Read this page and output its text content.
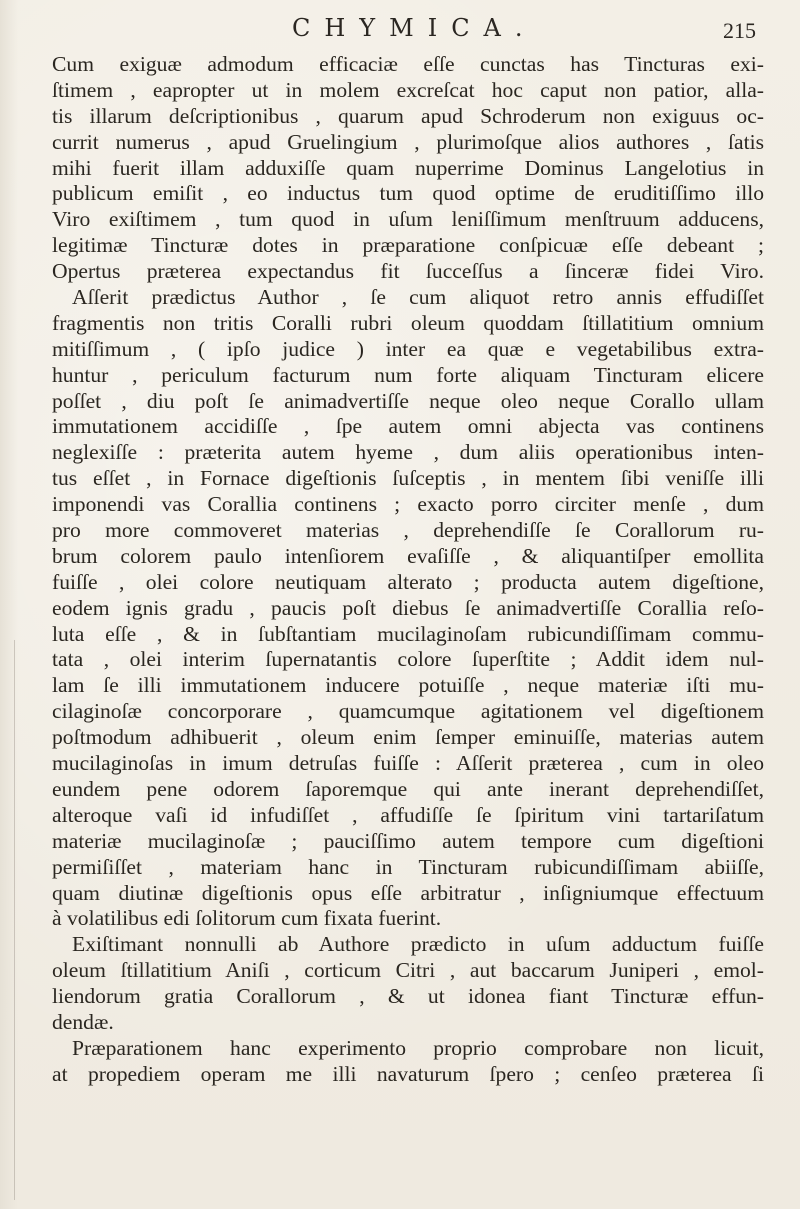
CHYMICA.	215
Cum exiguæ admodum efficaciæ eſſe cunctas has Tincturas exi-
ſtimem , eapropter ut in molem excreſcat hoc caput non patior, alla-
tis illarum deſcriptionibus , quarum apud Schroderum non exiguus oc-
currit numerus , apud Gruelingium , plurimoſque alios authores , ſatis
mihi fuerit illam adduxiſſe quam nuperrime Dominus Langelotius in
publicum emiſit , eo inductus tum quod optime de eruditiſſimo illo
Viro exiſtimem , tum quod in uſum leniſſimum menſtruum adducens,
legitimæ Tincturæ dotes in præparatione conſpicuæ eſſe debeant ;
Opertus præterea expectandus fit ſucceſſus a ſinceræ fidei Viro.
Aſſerit prædictus Author , ſe cum aliquot retro annis effudiſſet
fragmentis non tritis Coralli rubri oleum quoddam ſtillatitium omnium
mitiſſimum , ( ipſo judice ) inter ea quæ e vegetabilibus extra-
huntur , periculum facturum num forte aliquam Tincturam elicere
poſſet , diu poſt ſe animadvertiſſe neque oleo neque Corallo ullam
immutationem accidiſſe , ſpe autem omni abjecta vas continens
neglexiſſe : præterita autem hyeme , dum aliis operationibus inten-
tus eſſet , in Fornace digeſtionis ſuſceptis , in mentem ſibi veniſſe illi
imponendi vas Corallia continens ; exacto porro circiter menſe , dum
pro more commoveret materias , deprehendiſſe ſe Corallorum ru-
brum colorem paulo intenſiorem evaſiſſe , & aliquantiſper emollita
fuiſſe , olei colore neutiquam alterato ; producta autem digeſtione,
eodem ignis gradu , paucis poſt diebus ſe animadvertiſſe Corallia reſo-
luta eſſe , & in ſubſtantiam mucilaginoſam rubicundiſſimam commu-
tata , olei interim ſupernatantis colore ſuperſtite ; Addit idem nul-
lam ſe illi immutationem inducere potuiſſe , neque materiæ iſti mu-
cilaginoſæ concorporare , quamcumque agitationem vel digeſtionem
poſtmodum adhibuerit , oleum enim ſemper eminuiſſe, materias autem
mucilaginoſas in imum detruſas fuiſſe : Aſſerit præterea , cum in oleo
eundem pene odorem ſaporemque qui ante inerant deprehendiſſet,
alteroque vaſi id infudiſſet , affudiſſe ſe ſpiritum vini tartariſatum
materiæ mucilaginoſæ ; pauciſſimo autem tempore cum digeſtioni
permiſiſſet , materiam hanc in Tincturam rubicundiſſimam abiiſſe,
quam diutinæ digeſtionis opus eſſe arbitratur , inſigniumque effectuum
à volatilibus edi ſolitorum cum fixata fuerint.
Exiſtimant nonnulli ab Authore prædicto in uſum adductum fuiſſe
oleum ſtillatitium Aniſi , corticum Citri , aut baccarum Juniperi , emol-
liendorum gratia Corallorum , & ut idonea fiant Tincturæ effun-
dendæ.
Præparationem hanc experimento proprio comprobare non licuit,
at propediem operam me illi navaturum ſpero ; cenſeo præterea ſi
